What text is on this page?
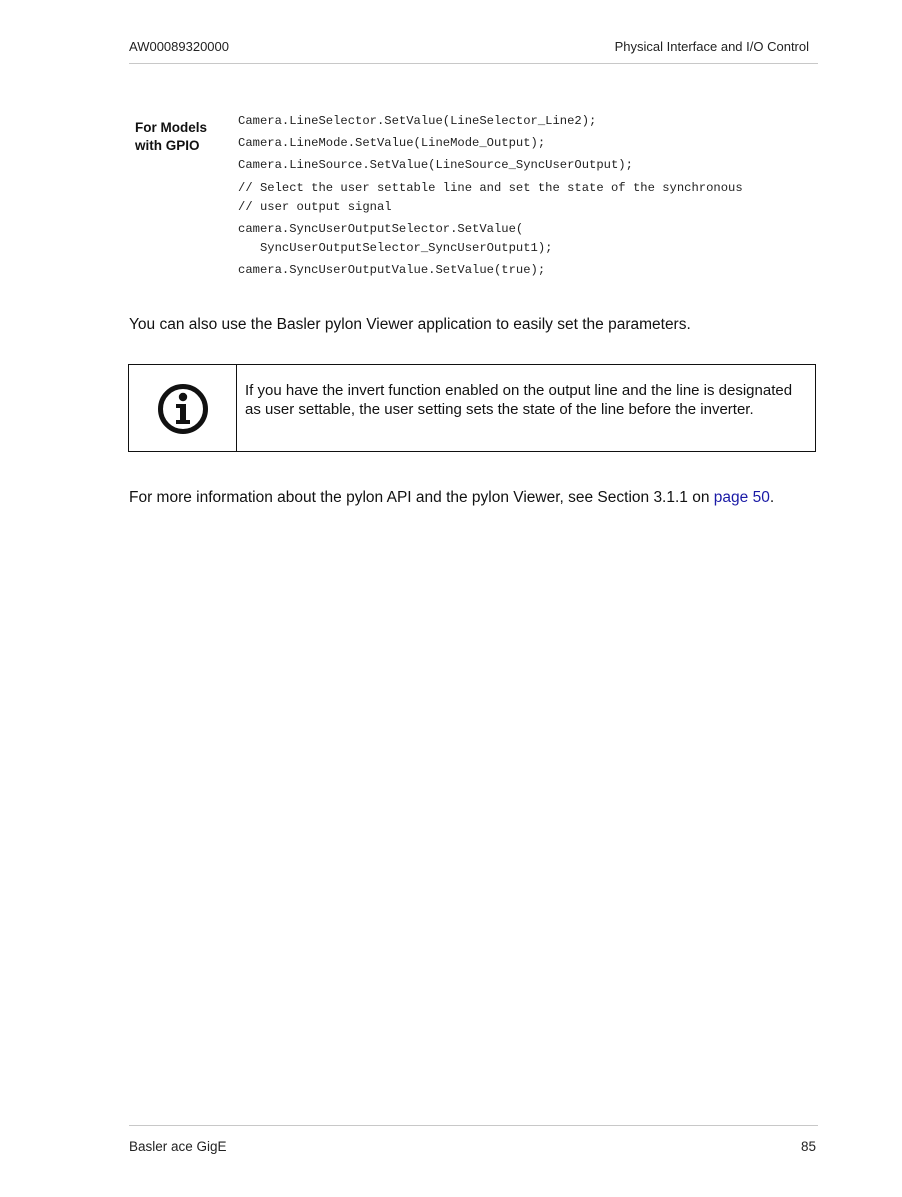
AW00089320000	Physical Interface and I/O Control
For Models
with GPIO
Camera.LineSelector.SetValue(LineSelector_Line2);
Camera.LineMode.SetValue(LineMode_Output);
Camera.LineSource.SetValue(LineSource_SyncUserOutput);
// Select the user settable line and set the state of the synchronous
// user output signal
camera.SyncUserOutputSelector.SetValue(
SyncUserOutputSelector_SyncUserOutput1);
camera.SyncUserOutputValue.SetValue(true);
You can also use the Basler pylon Viewer application to easily set the parameters.
If you have the invert function enabled on the output line and the line is designated as user settable, the user setting sets the state of the line before the inverter.
For more information about the pylon API and the pylon Viewer, see Section 3.1.1 on page 50.
Basler ace GigE	85
